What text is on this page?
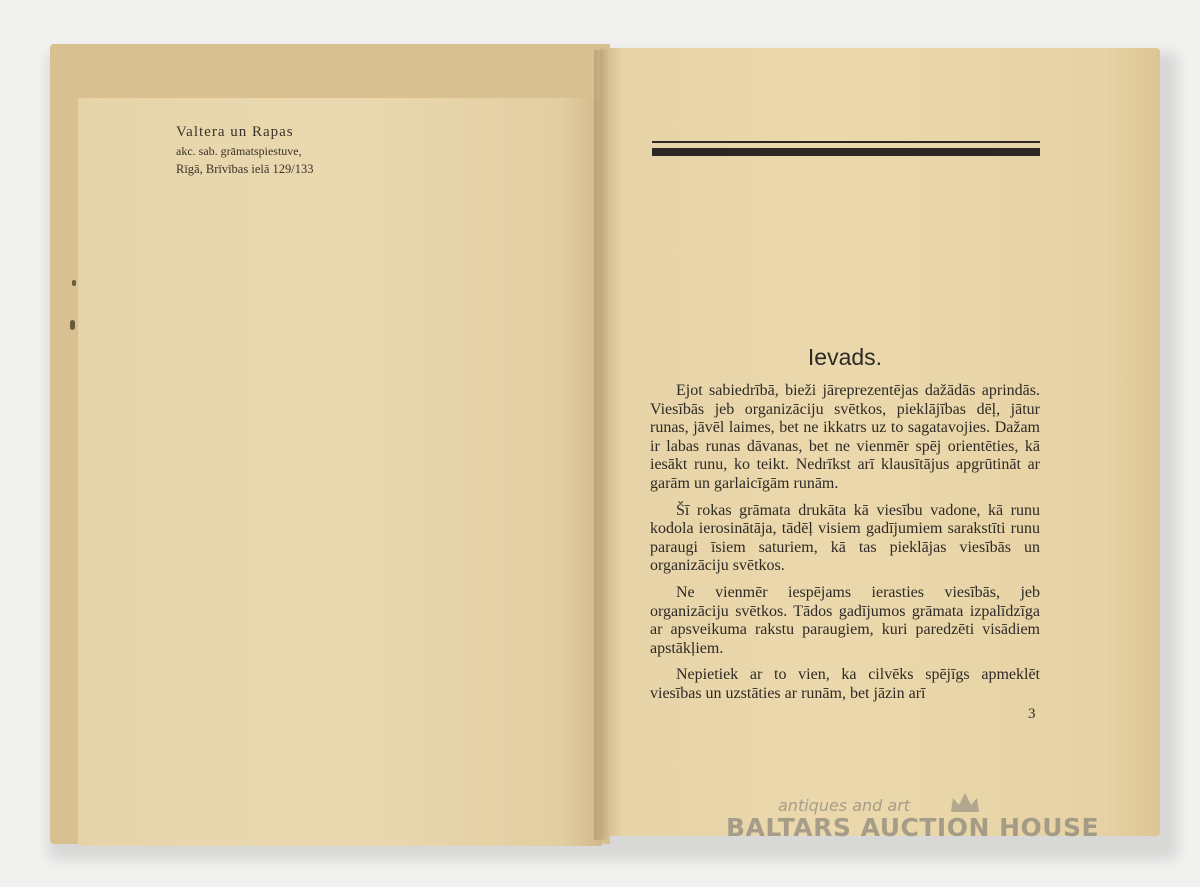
Valtera un Rapas
akc. sab. grāmatspiestuve,
Rīgā, Brīvības ielā 129/133
Ievads.

Ejot sabiedrībā, bieži jāreprezentējas dažādās aprindās. Viesībās jeb organizāciju svētkos, pieklājības dēļ, jātur runas, jāvēl laimes, bet ne ikkatrs uz to sagatavojies. Dažam ir labas runas dāvanas, bet ne vienmēr spēj orientēties, kā iesākt runu, ko teikt. Nedrīkst arī klausītājus apgrūtināt ar garām un garlaicīgām runām.

Šī rokas grāmata drukāta kā viesību vadone, kā runu kodola ierosinātāja, tādēļ visiem gadījumiem sarakstīti runu paraugi īsiem saturiem, kā tas pieklājas viesībās un organizāciju svētkos.

Ne vienmēr iespējams ierasties viesībās, jeb organizāciju svētkos. Tādos gadījumos grāmata izpalīdzīga ar apsveikuma rakstu paraugiem, kuri paredzēti visādiem apstākļiem.

Nepietiek ar to vien, ka cilvēks spējīgs apmeklēt viesības un uzstāties ar runām, bet jāzin arī

3
antiques and art
BALTARS AUCTION HOUSE
